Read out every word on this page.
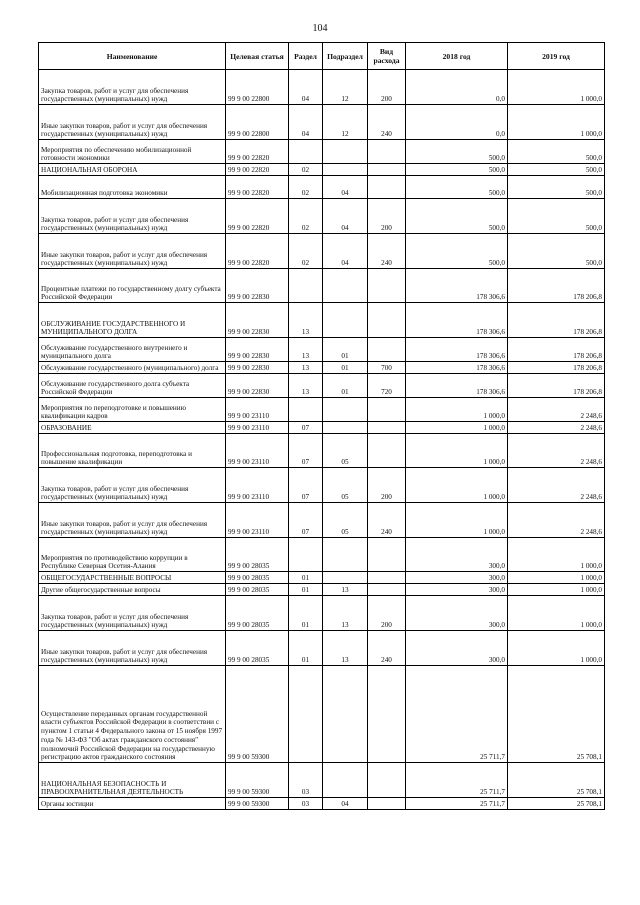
104
Наименование	Целевая статья	Раздел	Подраздел	Вид расхода	2018 год	2019 год
Закупка товаров, работ и услуг для обеспечения государственных (муниципальных) нужд	99 9 00 22800	04	12	200	0,0	1 000,0
Иные закупки товаров, работ и услуг для обеспечения государственных (муниципальных) нужд	99 9 00 22800	04	12	240	0,0	1 000,0
Мероприятия по обеспечению мобилизационной готовности экономики	99 9 00 22820				500,0	500,0
НАЦИОНАЛЬНАЯ ОБОРОНА	99 9 00 22820	02			500,0	500,0
Мобилизационная подготовка экономики	99 9 00 22820	02	04		500,0	500,0
Закупка товаров, работ и услуг для обеспечения государственных (муниципальных) нужд	99 9 00 22820	02	04	200	500,0	500,0
Иные закупки товаров, работ и услуг для обеспечения государственных (муниципальных) нужд	99 9 00 22820	02	04	240	500,0	500,0
Процентные платежи по государственному долгу субъекта Российской Федерации	99 9 00 22830				178 306,6	178 206,8
ОБСЛУЖИВАНИЕ ГОСУДАРСТВЕННОГО И МУНИЦИПАЛЬНОГО ДОЛГА	99 9 00 22830	13			178 306,6	178 206,8
Обслуживание государственного внутреннего и муниципального долга	99 9 00 22830	13	01		178 306,6	178 206,8
Обслуживание государственного (муниципального) долга	99 9 00 22830	13	01	700	178 306,6	178 206,8
Обслуживание государственного долга субъекта Российской Федерации	99 9 00 22830	13	01	720	178 306,6	178 206,8
Мероприятия по переподготовке и повышению квалификации кадров	99 9 00 23110				1 000,0	2 248,6
ОБРАЗОВАНИЕ	99 9 00 23110	07			1 000,0	2 248,6
Профессиональная подготовка, переподготовка и повышение квалификации	99 9 00 23110	07	05		1 000,0	2 248,6
Закупка товаров, работ и услуг для обеспечения государственных (муниципальных) нужд	99 9 00 23110	07	05	200	1 000,0	2 248,6
Иные закупки товаров, работ и услуг для обеспечения государственных (муниципальных) нужд	99 9 00 23110	07	05	240	1 000,0	2 248,6
Мероприятия по противодействию коррупции в Республике Северная Осетия-Алания	99 9 00 28035				300,0	1 000,0
ОБЩЕГОСУДАРСТВЕННЫЕ ВОПРОСЫ	99 9 00 28035	01			300,0	1 000,0
Другие общегосударственные вопросы	99 9 00 28035	01	13		300,0	1 000,0
Закупка товаров, работ и услуг для обеспечения государственных (муниципальных) нужд	99 9 00 28035	01	13	200	300,0	1 000,0
Иные закупки товаров, работ и услуг для обеспечения государственных (муниципальных) нужд	99 9 00 28035	01	13	240	300,0	1 000,0
Осуществление переданных органам государственной власти субъектов Российской Федерации в соответствии с пунктом 1 статьи 4 Федерального закона от 15 ноября 1997 года № 143-ФЗ "Об актах гражданского состояния" полномочий Российской Федерации на государственную регистрацию актов гражданского состояния	99 9 00 59300				25 711,7	25 708,1
НАЦИОНАЛЬНАЯ БЕЗОПАСНОСТЬ И ПРАВООХРАНИТЕЛЬНАЯ ДЕЯТЕЛЬНОСТЬ	99 9 00 59300	03			25 711,7	25 708,1
Органы юстиции	99 9 00 59300	03	04		25 711,7	25 708,1
